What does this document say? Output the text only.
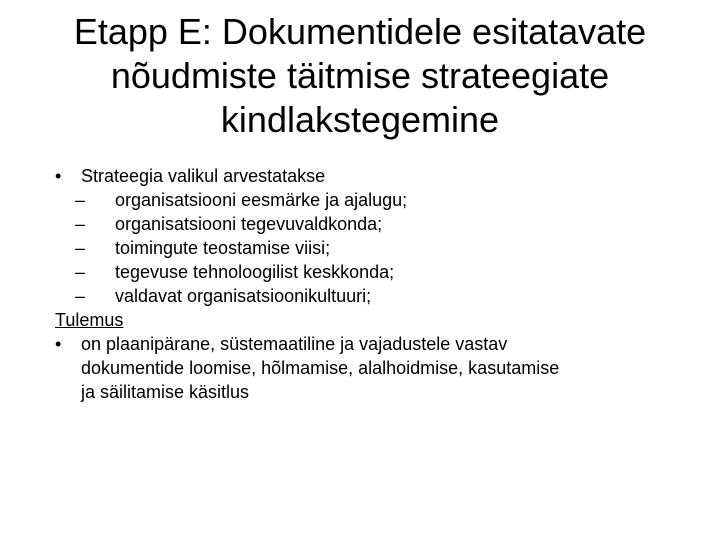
Etapp E: Dokumentidele esitatavate
nõudmiste täitmise strateegiate
kindlakstegemine
•	Strateegia valikul arvestatakse
– organisatsiooni eesmärke ja ajalugu;
– organisatsiooni tegevuvaldkonda;
– toimingute teostamise viisi;
– tegevuse tehnoloogilist keskkonda;
– valdavat organisatsioonikultuuri;
Tulemus
•	on plaanipärane, süstemaatiline ja vajadustele vastav
dokumentide loomise, hõlmamise, alalhoidmise, kasutamise
ja säilitamise käsitlus
